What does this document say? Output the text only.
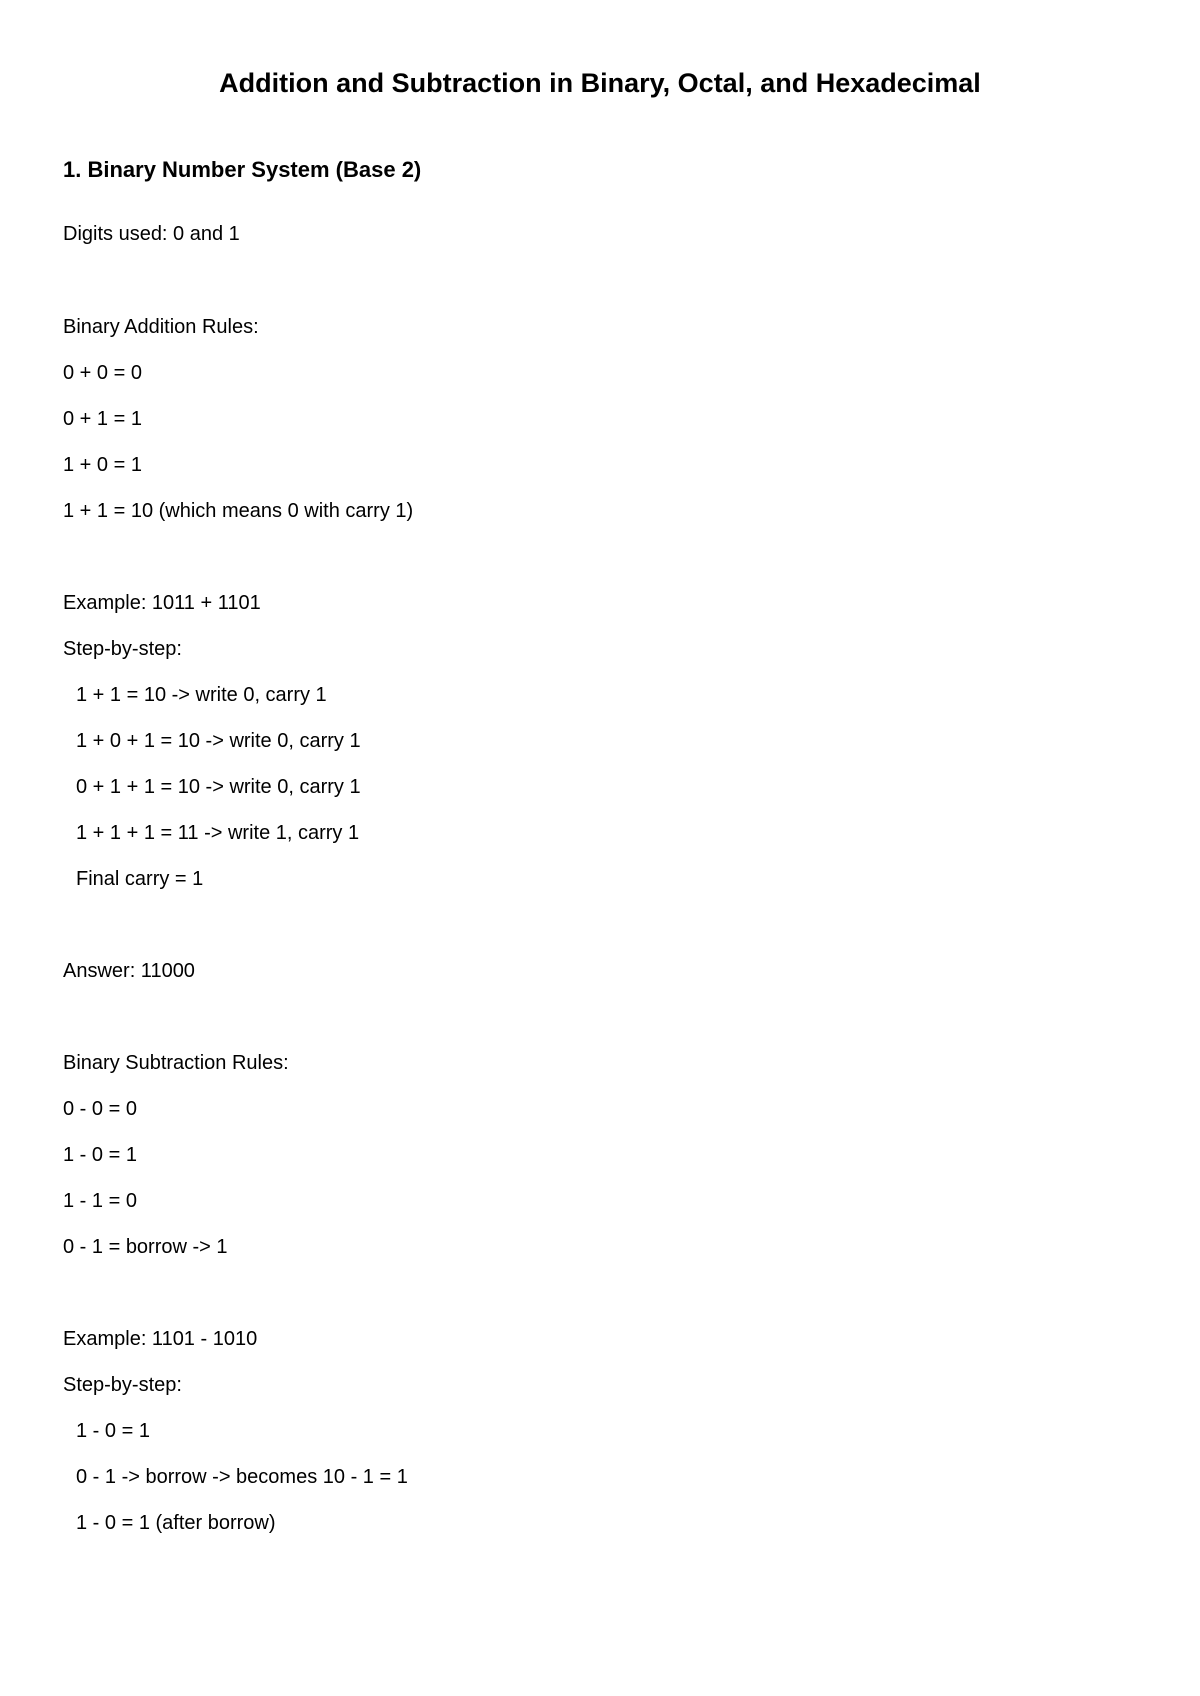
Addition and Subtraction in Binary, Octal, and Hexadecimal
1. Binary Number System (Base 2)
Digits used: 0 and 1
Binary Addition Rules:
0 + 0 = 0
0 + 1 = 1
1 + 0 = 1
1 + 1 = 10 (which means 0 with carry 1)
Example: 1011 + 1101
Step-by-step:
1 + 1 = 10 -> write 0, carry 1
1 + 0 + 1 = 10 -> write 0, carry 1
0 + 1 + 1 = 10 -> write 0, carry 1
1 + 1 + 1 = 11 -> write 1, carry 1
Final carry = 1
Answer: 11000
Binary Subtraction Rules:
0 - 0 = 0
1 - 0 = 1
1 - 1 = 0
0 - 1 = borrow -> 1
Example: 1101 - 1010
Step-by-step:
1 - 0 = 1
0 - 1 -> borrow -> becomes 10 - 1 = 1
1 - 0 = 1 (after borrow)
